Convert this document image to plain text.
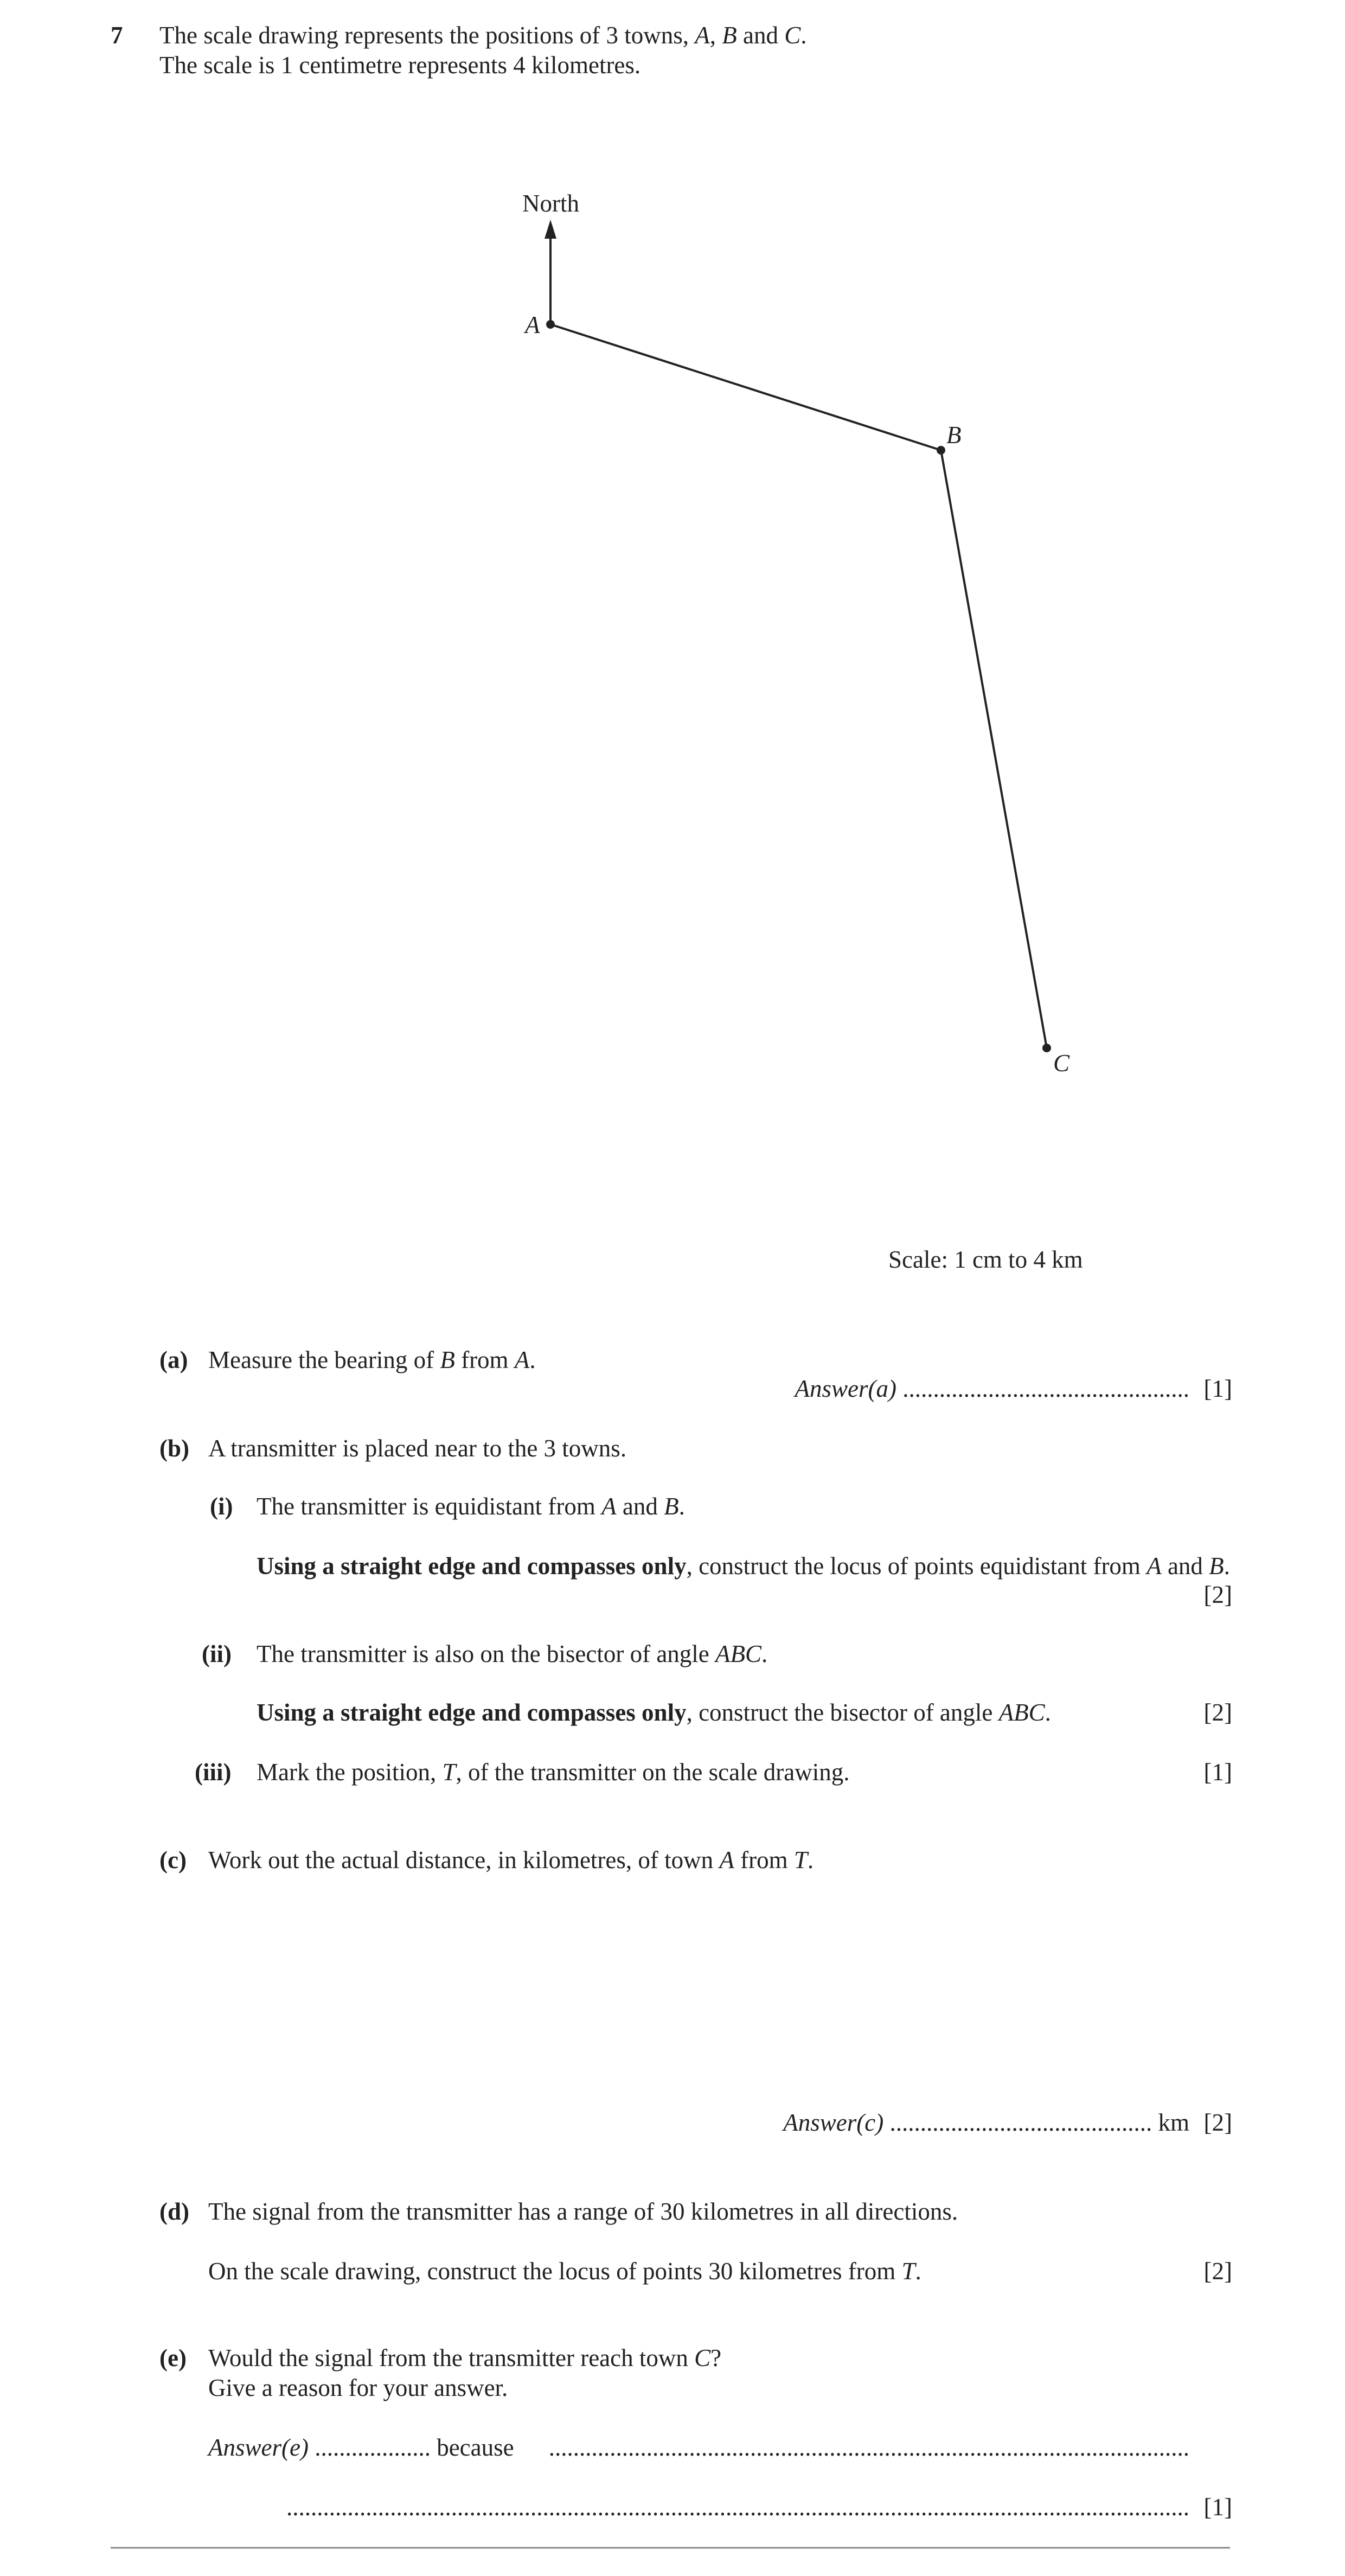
7 The scale drawing represents the positions of 3 towns, A, B and C.
The scale is 1 centimetre represents 4 kilometres.
North
A
B
C
Scale: 1 cm to 4 km
(a) Measure the bearing of B from A.
Answer(a) ............................................... [1]
(b) A transmitter is placed near to the 3 towns.
(i) The transmitter is equidistant from A and B.
Using a straight edge and compasses only, construct the locus of points equidistant from A and B.
[2]
(ii) The transmitter is also on the bisector of angle ABC.
Using a straight edge and compasses only, construct the bisector of angle ABC.	[2]
(iii) Mark the position, T, of the transmitter on the scale drawing.	[1]
(c) Work out the actual distance, in kilometres, of town A from T.
Answer(c) ........................................... km [2]
(d) The signal from the transmitter has a range of 30 kilometres in all directions.
On the scale drawing, construct the locus of points 30 kilometres from T.	[2]
(e) Would the signal from the transmitter reach town C?
Give a reason for your answer.
Answer(e) ................... because .........................................................................................................
.................................................................................................................................................... [1]
